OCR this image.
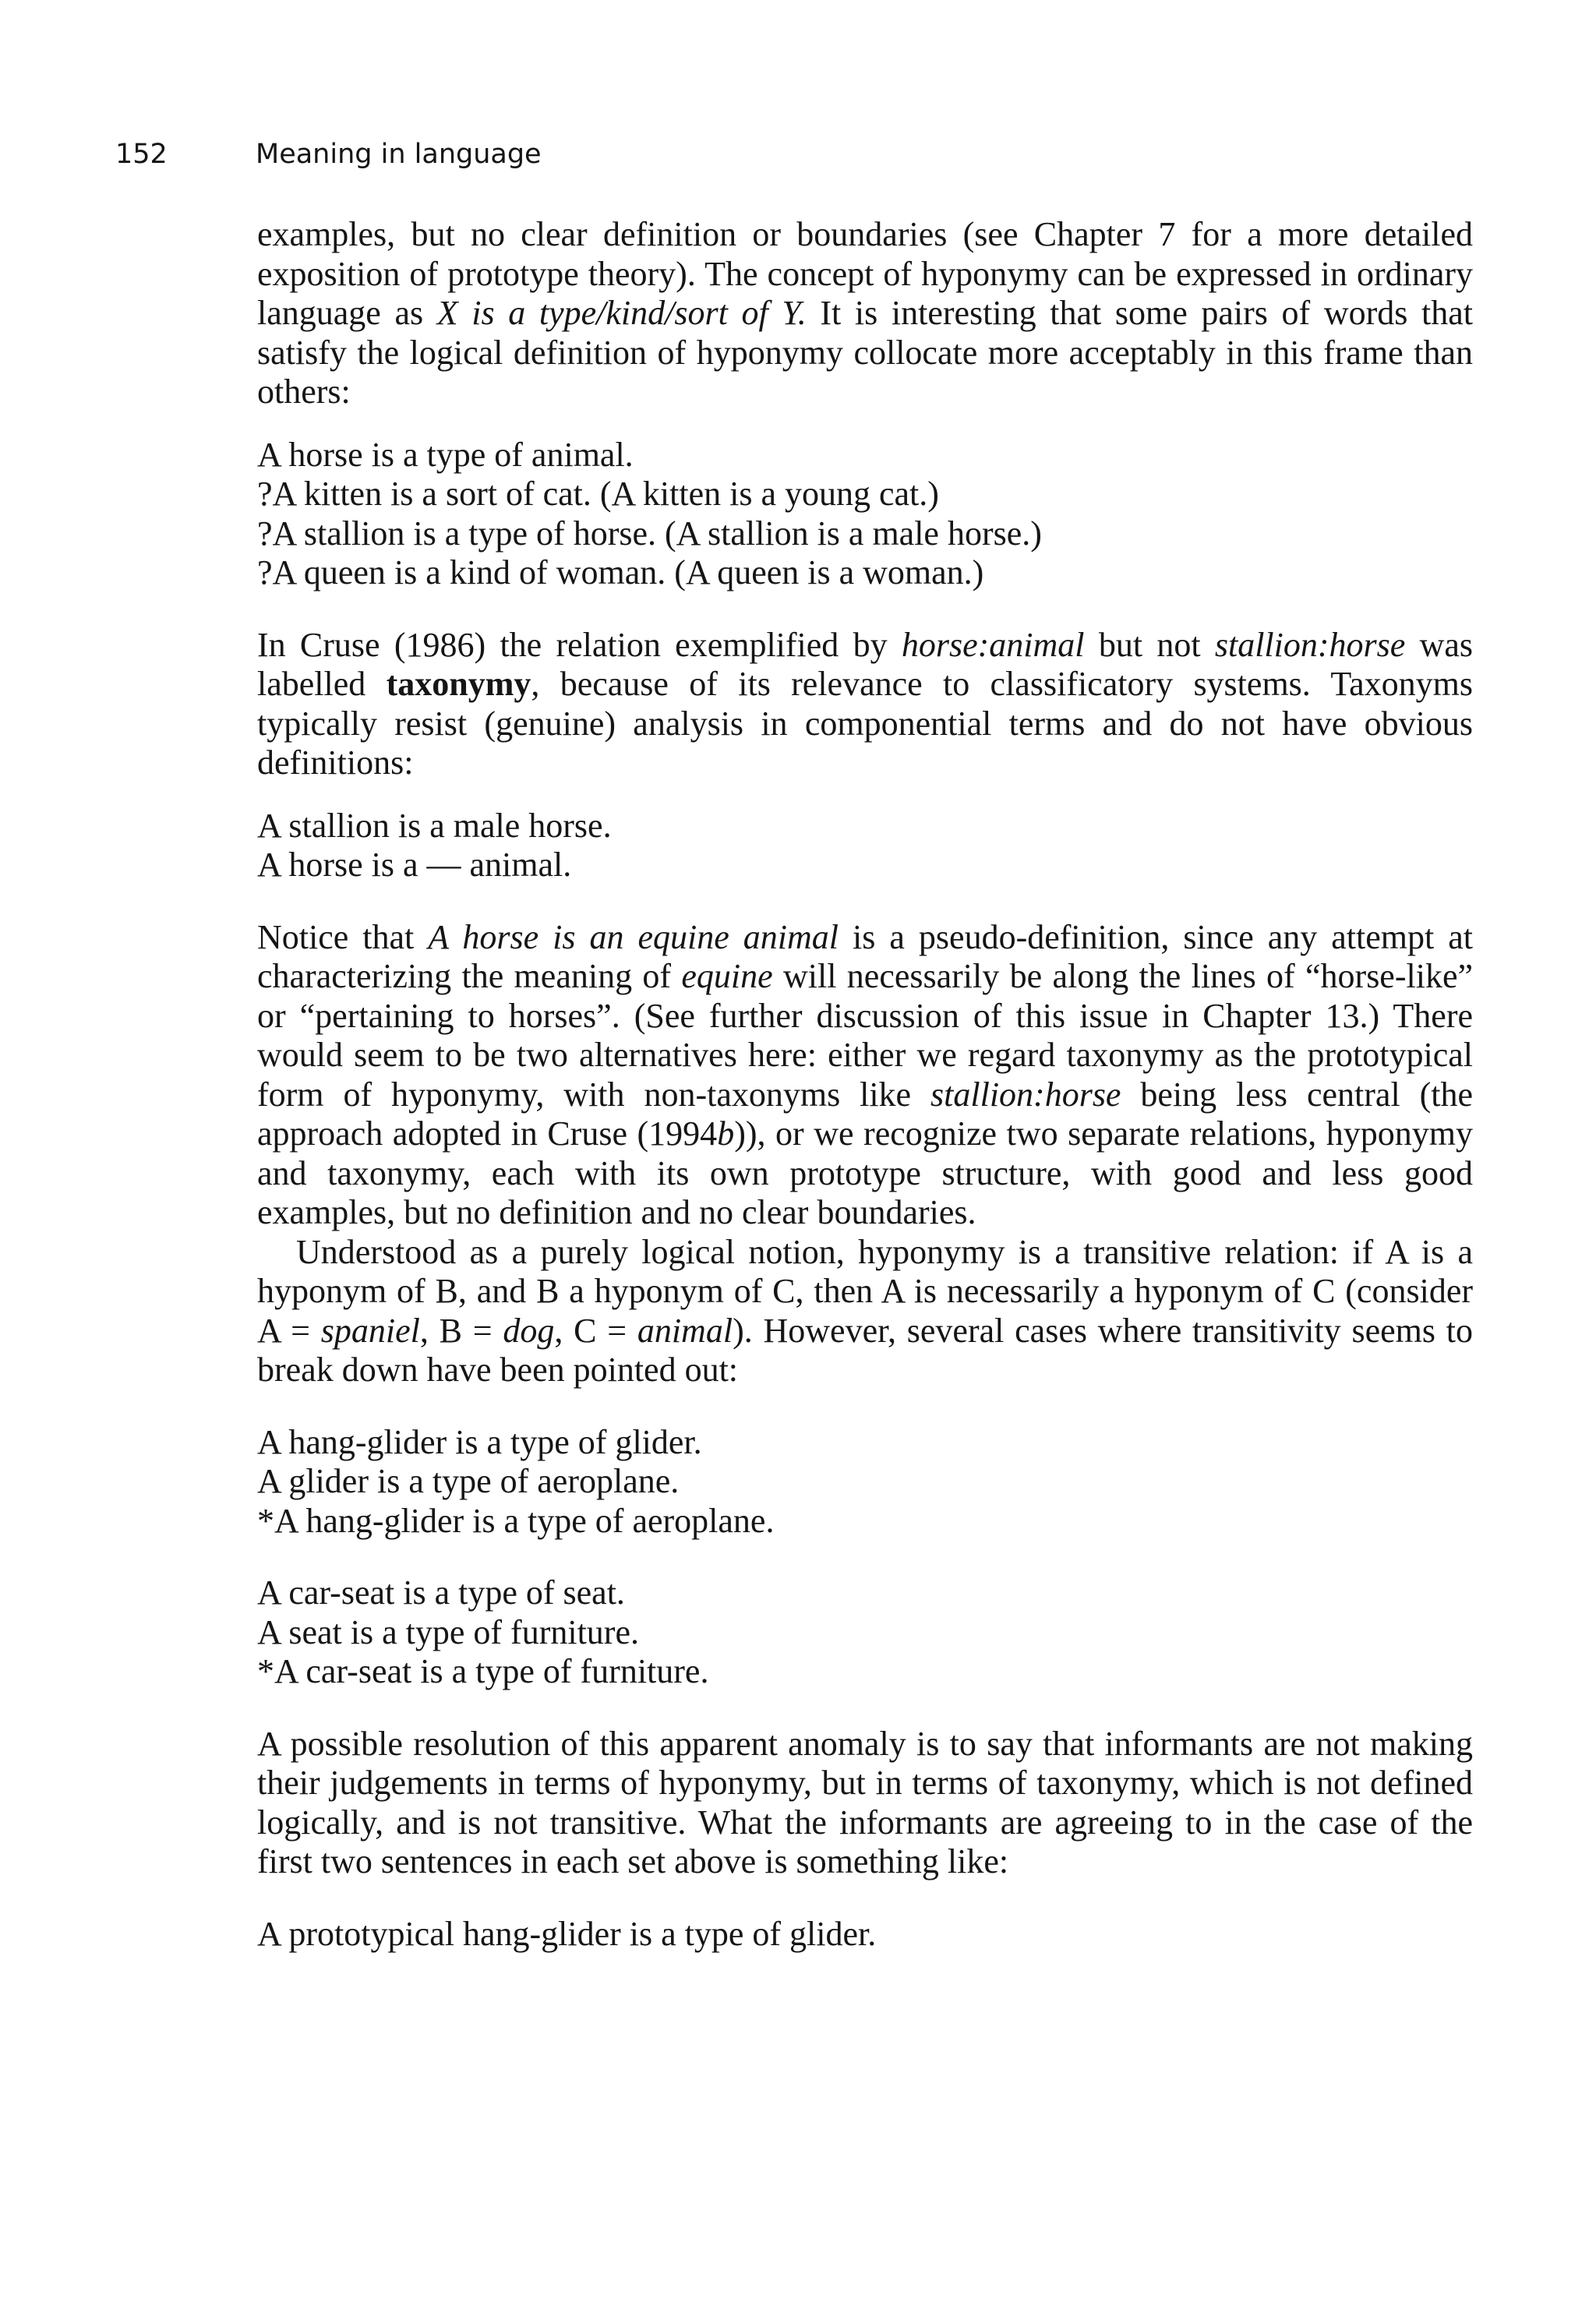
152	Meaning in language

examples, but no clear definition or boundaries (see Chapter 7 for a more detailed exposition of prototype theory). The concept of hyponymy can be expressed in ordinary language as X is a type/kind/sort of Y. It is interesting that some pairs of words that satisfy the logical definition of hyponymy collocate more acceptably in this frame than others:

A horse is a type of animal.
?A kitten is a sort of cat. (A kitten is a young cat.)
?A stallion is a type of horse. (A stallion is a male horse.)
?A queen is a kind of woman. (A queen is a woman.)

In Cruse (1986) the relation exemplified by horse:animal but not stallion:horse was labelled taxonymy, because of its relevance to classificatory systems. Taxonyms typically resist (genuine) analysis in componential terms and do not have obvious definitions:

A stallion is a male horse.
A horse is a — animal.

Notice that A horse is an equine animal is a pseudo-definition, since any attempt at characterizing the meaning of equine will necessarily be along the lines of “horse-like” or “pertaining to horses”. (See further discussion of this issue in Chapter 13.) There would seem to be two alternatives here: either we regard taxonymy as the prototypical form of hyponymy, with non-taxonyms like stallion:horse being less central (the approach adopted in Cruse (1994b)), or we recognize two separate relations, hyponymy and taxonymy, each with its own prototype structure, with good and less good examples, but no definition and no clear boundaries.

Understood as a purely logical notion, hyponymy is a transitive relation: if A is a hyponym of B, and B a hyponym of C, then A is necessarily a hyponym of C (consider A = spaniel, B = dog, C = animal). However, several cases where transitivity seems to break down have been pointed out:

A hang-glider is a type of glider.
A glider is a type of aeroplane.
*A hang-glider is a type of aeroplane.
A car-seat is a type of seat.
A seat is a type of furniture.
*A car-seat is a type of furniture.

A possible resolution of this apparent anomaly is to say that informants are not making their judgements in terms of hyponymy, but in terms of taxonymy, which is not defined logically, and is not transitive. What the informants are agreeing to in the case of the first two sentences in each set above is something like:

A prototypical hang-glider is a type of glider.
